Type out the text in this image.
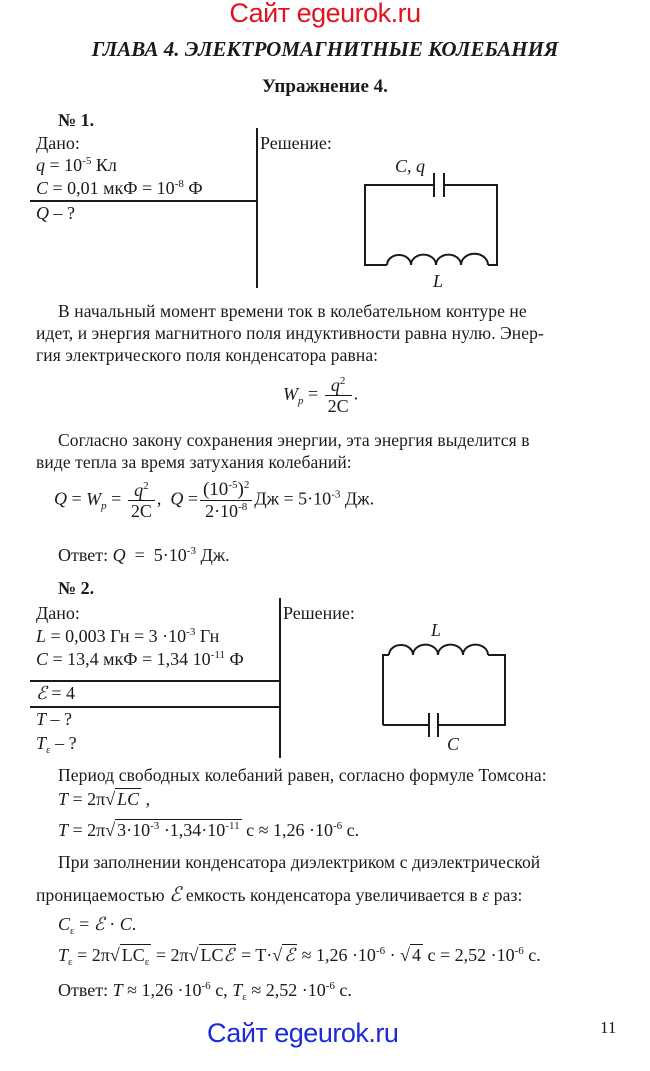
Сайт egeurok.ru
ГЛАВА 4. ЭЛЕКТРОМАГНИТНЫЕ КОЛЕБАНИЯ
Упражнение 4.
№ 1.
Дано:
$q = 10^{-5}$ Кл
C = 0,01 мкФ = $10^{-8}$ Ф
Q – ?
Решение:
C, q
L
В начальный момент времени ток в колебательном контуре не
идет, и энергия магнитного поля индуктивности равна нулю. Энер-
гия электрического поля конденсатора равна:
$W_p = \frac{q^2}{2C}$ .
Согласно закону сохранения энергии, эта энергия выделится в
виде тепла за время затухания колебаний:
$Q = W_p = \frac{q^2}{2C}$ ,  $Q = \frac{(10^{-5})^2}{2\cdot 10^{-8}}$ Дж = $5\cdot 10^{-3}$ Дж.
Ответ: $Q = 5\cdot 10^{-3}$ Дж.
№ 2.
Дано:
L = 0,003 Гн = $3 \cdot 10^{-3}$ Гн
C = 13,4 мкФ = 1,34 $10^{-11}$ Ф
ℰ = 4
T – ?
$T_\varepsilon$ – ?
Решение:
L
C
Период свободных колебаний равен, согласно формуле Томсона:
T = 2π√ LC ,
T = 2π√ $3\cdot 10^{-3} \cdot 1,34\cdot 10^{-11}$ $с \approx 1,26 \cdot 10^{-6}$ с.
При заполнении конденсатора диэлектриком с диэлектрической
проницаемостью ℰ емкость конденсатора увеличивается в ε раз:
$C_\varepsilon$ = ℰ · C.
$T_\varepsilon = 2\pi√$ $LC_\varepsilon = 2\pi√$ LCℰ = T·√ ℰ ≈ $1,26 \cdot 10^{-6}$ · √ 4 $с = 2,52 \cdot 10^{-6}$ с.
Ответ: $T \approx 1,26 \cdot 10^{-6}$ с, $T_\varepsilon \approx 2,52 \cdot 10^{-6}$ с.
Сайт egeurok.ru	11
